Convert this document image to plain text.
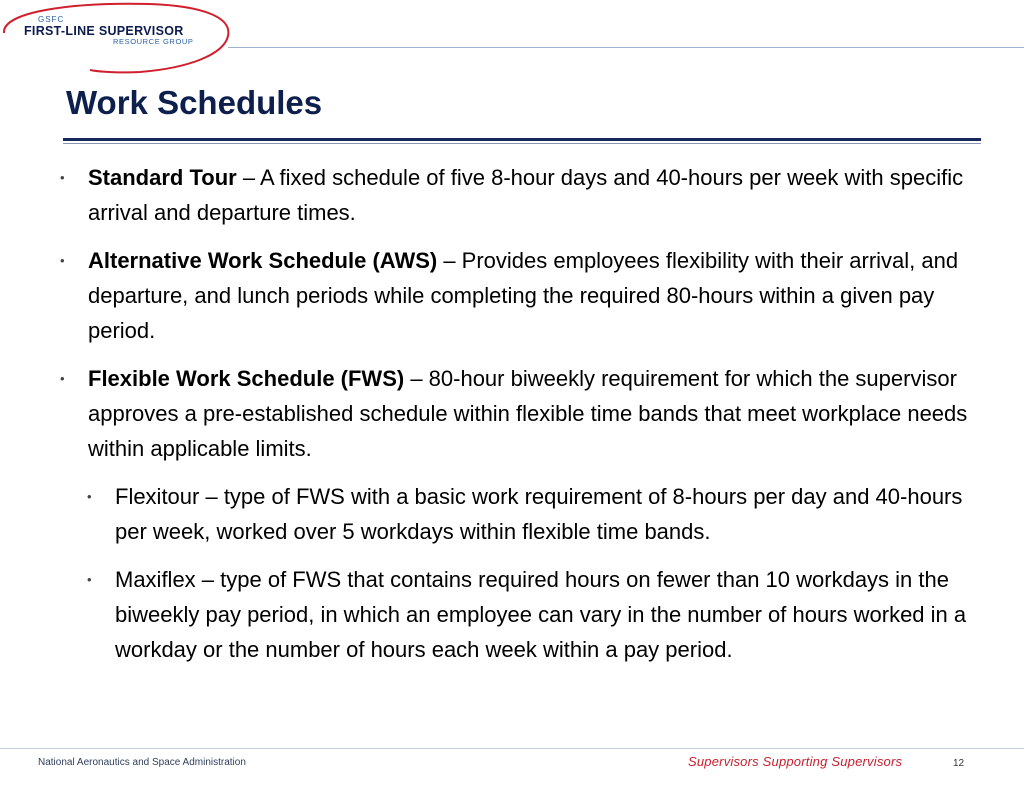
GSFC
FIRST-LINE SUPERVISOR
RESOURCE GROUP
Work Schedules
• Standard Tour – A fixed schedule of five 8-hour days and 40-hours per week with specific arrival and departure times.
• Alternative Work Schedule (AWS) – Provides employees flexibility with their arrival, and departure, and lunch periods while completing the required 80-hours within a given pay period.
• Flexible Work Schedule (FWS) – 80-hour biweekly requirement for which the supervisor approves a pre-established schedule within flexible time bands that meet workplace needs within applicable limits.
• Flexitour – type of FWS with a basic work requirement of 8-hours per day and 40-hours per week, worked over 5 workdays within flexible time bands.
• Maxiflex – type of FWS that contains required hours on fewer than 10 workdays in the biweekly pay period, in which an employee can vary in the number of hours worked in a workday or the number of hours each week within a pay period.
National Aeronautics and Space Administration	Supervisors Supporting Supervisors	12
